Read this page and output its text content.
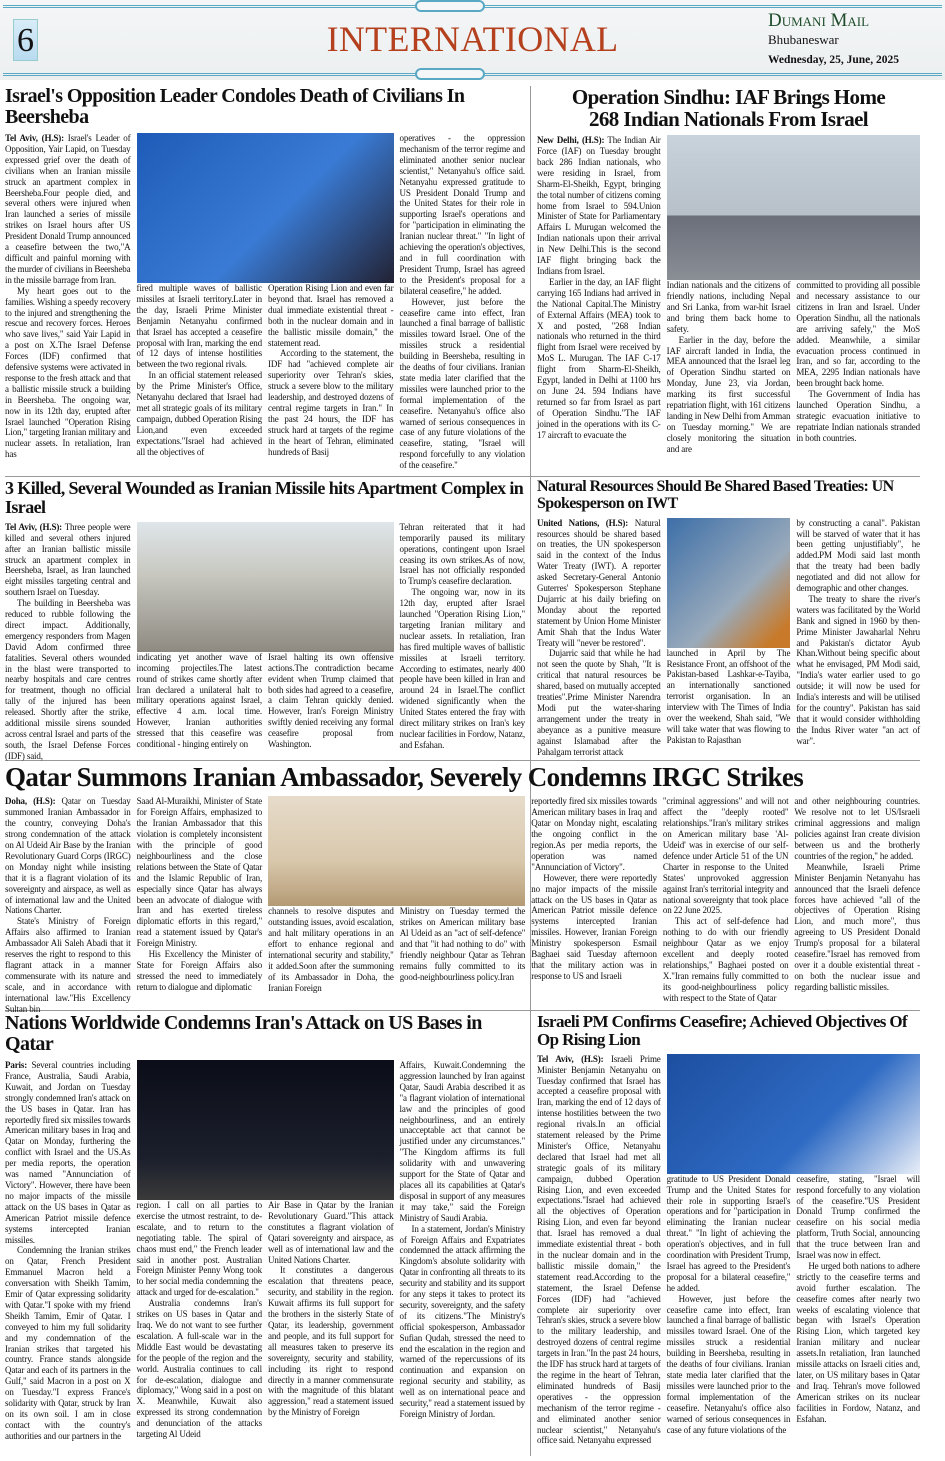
6	INTERNATIONAL	Dumani Mail
Bhubaneswar
Wednesday, 25, June, 2025
Israel's Opposition Leader Condoles Death of Civilians In Beersheba

Tel Aviv, (H.S): Israel's Leader of Opposition, Yair Lapid, on Tuesday expressed grief over the death of civilians when an Iranian missile struck an apartment complex in Beersheba.Four people died, and several others were injured when Iran launched a series of missile strikes on Israel hours after US President Donald Trump announced a ceasefire between the two,"A difficult and painful morning with the murder of civilians in Beersheba in the missile barrage from Iran.

My heart goes out to the families. Wishing a speedy recovery to the injured and strengthening the rescue and recovery forces. Heroes who save lives," said Yair Lapid in a post on X.The Israel Defense Forces (IDF) confirmed that defensive systems were activated in response to the fresh attack and that a ballistic missile struck a building in Beersheba. The ongoing war, now in its 12th day, erupted after Israel launched "Operation Rising Lion," targeting Iranian military and nuclear assets. In retaliation, Iran has

fired multiple waves of ballistic missiles at Israeli territory.Later in the day, Israeli Prime Minister Benjamin Netanyahu confirmed that Israel has accepted a ceasefire proposal with Iran, marking the end of 12 days of intense hostilities between the two regional rivals.

In an official statement released by the Prime Minister's Office, Netanyahu declared that Israel had met all strategic goals of its military campaign, dubbed Operation Rising Lion,and even exceeded expectations."Israel had achieved all the objectives of

Operation Rising Lion and even far beyond that. Israel has removed a dual immediate existential threat - both in the nuclear domain and in the ballistic missile domain," the statement read.

According to the statement, the IDF had "achieved complete air superiority over Tehran's skies, struck a severe blow to the military leadership, and destroyed dozens of central regime targets in Iran." In the past 24 hours, the IDF has struck hard at targets of the regime in the heart of Tehran, eliminated hundreds of Basij

operatives - the oppression mechanism of the terror regime and eliminated another senior nuclear scientist," Netanyahu's office said. Netanyahu expressed gratitude to US President Donald Trump and the United States for their role in supporting Israel's operations and for "participation in eliminating the Iranian nuclear threat." "In light of achieving the operation's objectives, and in full coordination with President Trump, Israel has agreed to the President's proposal for a bilateral ceasefire," he added.

However, just before the ceasefire came into effect, Iran launched a final barrage of ballistic missiles toward Israel. One of the missiles struck a residential building in Beersheba, resulting in the deaths of four civilians. Iranian state media later clarified that the missiles were launched prior to the formal implementation of the ceasefire. Netanyahu's office also warned of serious consequences in case of any future violations of the ceasefire, stating, "Israel will respond forcefully to any violation of the ceasefire."

Operation Sindhu: IAF Brings Home
268 Indian Nationals From Israel

New Delhi, (H.S): The Indian Air Force (IAF) on Tuesday brought back 286 Indian nationals, who were residing in Israel, from Sharm-El-Sheikh, Egypt, bringing the total number of citizens coming home from Israel to 594.Union Minister of State for Parliamentary Affairs L Murugan welcomed the Indian nationals upon their arrival in New Delhi.This is the second IAF flight bringing back the Indians from Israel.

Earlier in the day, an IAF flight carrying 165 Indians had arrived in the National Capital.The Ministry of External Affairs (MEA) took to X and posted, "268 Indian nationals who returned in the third flight from Israel were received by MoS L. Murugan. The IAF C-17 flight from Sharm-El-Sheikh, Egypt, landed in Delhi at 1100 hrs on June 24. 594 Indians have returned so far from Israel as part of Operation Sindhu."The IAF joined in the operations with its C-17 aircraft to evacuate the

Indian nationals and the citizens of friendly nations, including Nepal and Sri Lanka, from war-hit Israel and bring them back home to safety.

Earlier in the day, before the IAF aircraft landed in India, the MEA announced that the Israel leg of Operation Sindhu started on Monday, June 23, via Jordan, marking its first successful repatriation flight, with 161 citizens landing in New Delhi from Amman on Tuesday morning." We are closely monitoring the situation and are

committed to providing all possible and necessary assistance to our citizens in Iran and Israel. Under Operation Sindhu, all the nationals are arriving safely," the MoS added. Meanwhile, a similar evacuation process continued in Iran, and so far, according to the MEA, 2295 Indian nationals have been brought back home.

The Government of India has launched Operation Sindhu, a strategic evacuation initiative to repatriate Indian nationals stranded in both countries.

3 Killed, Several Wounded as Iranian Missile hits Apartment Complex in Israel

Tel Aviv, (H.S): Three people were killed and several others injured after an Iranian ballistic missile struck an apartment complex in Beersheba, Israel, as Iran launched eight missiles targeting central and southern Israel on Tuesday.

The building in Beersheba was reduced to rubble following the direct impact. Additionally, emergency responders from Magen David Adom confirmed three fatalities. Several others wounded in the blast were transported to nearby hospitals and care centres for treatment, though no official tally of the injured has been released. Shortly after the strike, additional missile sirens sounded across central Israel and parts of the south, the Israel Defense Forces (IDF) said,

indicating yet another wave of incoming projectiles.The latest round of strikes came shortly after Iran declared a unilateral halt to military operations against Israel, effective 4 a.m. local time. However, Iranian authorities stressed that this ceasefire was conditional - hinging entirely on

Israel halting its own offensive actions.The contradiction became evident when Trump claimed that both sides had agreed to a ceasefire, a claim Tehran quickly denied. However, Iran's Foreign Ministry swiftly denied receiving any formal ceasefire proposal from Washington.

Tehran reiterated that it had temporarily paused its military operations, contingent upon Israel ceasing its own strikes.As of now, Israel has not officially responded to Trump's ceasefire declaration.

The ongoing war, now in its 12th day, erupted after Israel launched "Operation Rising Lion," targeting Iranian military and nuclear assets. In retaliation, Iran has fired multiple waves of ballistic missiles at Israeli territory. According to estimates, nearly 400 people have been killed in Iran and around 24 in Israel.The conflict widened significantly when the United States entered the fray with direct military strikes on Iran's key nuclear facilities in Fordow, Natanz, and Esfahan.

Natural Resources Should Be Shared Based Treaties: UN Spokesperson on IWT

United Nations, (H.S): Natural resources should be shared based on treaties, the UN spokesperson said in the context of the Indus Water Treaty (IWT). A reporter asked Secretary-General Antonio Guterres' Spokesperson Stephane Dujarric at his daily briefing on Monday about the reported statement by Union Home Minister Amit Shah that the Indus Water Treaty will "never be restored".

Dujarric said that while he had not seen the quote by Shah, "It is critical that natural resources be shared, based on mutually accepted treaties".Prime Minister Narendra Modi put the water-sharing arrangement under the treaty in abeyance as a punitive measure against Islamabad after the Pahalgam terrorist attack

launched in April by The Resistance Front, an offshoot of the Pakistan-based Lashkar-e-Tayiba, an internationally sanctioned terrorist organisation. In an interview with The Times of India over the weekend, Shah said, "We will take water that was flowing to Pakistan to Rajasthan

by constructing a canal". Pakistan will be starved of water that it has been getting unjustifiably", he added.PM Modi said last month that the treaty had been badly negotiated and did not allow for demographic and other changes.

The treaty to share the river's waters was facilitated by the World Bank and signed in 1960 by then-Prime Minister Jawaharlal Nehru and Pakistan's dictator Ayub Khan.Without being specific about what he envisaged, PM Modi said, "India's water earlier used to go outside; it will now be used for India's interests and will be utilised for the country". Pakistan has said that it would consider withholding the Indus River water "an act of war".

Qatar Summons Iranian Ambassador, Severely Condemns IRGC Strikes

Doha, (H.S): Qatar on Tuesday summoned Iranian Ambassador in the country, conveying Doha's strong condemnation of the attack on Al Udeid Air Base by the Iranian Revolutionary Guard Corps (IRGC) on Monday night while insisting that it is a flagrant violation of its sovereignty and airspace, as well as of international law and the United Nations Charter.

State's Ministry of Foreign Affairs also affirmed to Iranian Ambassador Ali Saleh Abadi that it reserves the right to respond to this flagrant attack in a manner commensurate with its nature and scale, and in accordance with international law."His Excellency Sultan bin

Saad Al-Muraikhi, Minister of State for Foreign Affairs, emphasized to the Iranian Ambassador that this violation is completely inconsistent with the principle of good neighbourliness and the close relations between the State of Qatar and the Islamic Republic of Iran, especially since Qatar has always been an advocate of dialogue with Iran and has exerted tireless diplomatic efforts in this regard," read a statement issued by Qatar's Foreign Ministry.

His Excellency the Minister of State for Foreign Affairs also stressed the need to immediately return to dialogue and diplomatic

channels to resolve disputes and outstanding issues, avoid escalation, and halt military operations in an effort to enhance regional and international security and stability," it added.Soon after the summoning of its Ambassador in Doha, the Iranian Foreign

Ministry on Tuesday termed the strikes on American military base Al Udeid as an "act of self-defence" and that "it had nothing to do" with friendly neighbour Qatar as Tehran remains fully committed to its good-neighbourliness policy.Iran

reportedly fired six missiles towards American military bases in Iraq and Qatar on Monday night, escalating the ongoing conflict in the region.As per media reports, the operation was named "Annunciation of Victory".

However, there were reportedly no major impacts of the missile attack on the US bases in Qatar as American Patriot missile defence systems intercepted Iranian missiles. However, Iranian Foreign Ministry spokesperson Esmail Baghaei said Tuesday afternoon that the military action was in response to US and Israeli

"criminal aggressions" and will not affect the "deeply rooted" relationships."Iran's military strikes on American military base 'Al-Udeid' was in exercise of our self-defence under Article 51 of the UN Charter in response to the United States' unprovoked aggression against Iran's territorial integrity and national sovereignty that took place on 22 June 2025.

This act of self-defence had nothing to do with our friendly neighbour Qatar as we enjoy excellent and deeply rooted relationships," Baghaei posted on X."Iran remains fully committed to its good-neighbourliness policy with respect to the State of Qatar

and other neighbouring countries. We resolve not to let US/Israeli criminal aggressions and malign policies against Iran create division between us and the brotherly countries of the region," he added.

Meanwhile, Israeli Prime Minister Benjamin Netanyahu has announced that the Israeli defence forces have achieved "all of the objectives of Operation Rising Lion, and much more", thus agreeing to US President Donald Trump's proposal for a bilateral ceasefire."Israel has removed from over it a double existential threat - on both the nuclear issue and regarding ballistic missiles.

Nations Worldwide Condemns Iran's Attack on US Bases in Qatar

Paris: Several countries including France, Australia, Saudi Arabia, Kuwait, and Jordan on Tuesday strongly condemned Iran's attack on the US bases in Qatar. Iran has reportedly fired six missiles towards American military bases in Iraq and Qatar on Monday, furthering the conflict with Israel and the US.As per media reports, the operation was named "Annunciation of Victory". However, there have been no major impacts of the missile attack on the US bases in Qatar as American Patriot missile defence systems intercepted Iranian missiles.

Condemning the Iranian strikes on Qatar, French President Emmanuel Macron held a conversation with Sheikh Tamim, Emir of Qatar expressing solidarity with Qatar."I spoke with my friend Sheikh Tamim, Emir of Qatar. I conveyed to him my full solidarity and my condemnation of the Iranian strikes that targeted his country. France stands alongside Qatar and each of its partners in the Gulf," said Macron in a post on X on Tuesday."I express France's solidarity with Qatar, struck by Iran on its own soil. I am in close contact with the country's authorities and our partners in the

region. I call on all parties to exercise the utmost restraint, to de-escalate, and to return to the negotiating table. The spiral of chaos must end," the French leader said in another post. Australian Foreign Minister Penny Wong took to her social media condemning the attack and urged for de-escalation."

Australia condemns Iran's strikes on US bases in Qatar and Iraq. We do not want to see further escalation. A full-scale war in the Middle East would be devastating for the people of the region and the world. Australia continues to call for de-escalation, dialogue and diplomacy," Wong said in a post on X. Meanwhile, Kuwait also expressed its strong condemnation and denunciation of the attacks targeting Al Udeid

Air Base in Qatar by the Iranian Revolutionary Guard."This attack constitutes a flagrant violation of Qatari sovereignty and airspace, as well as of international law and the United Nations Charter.

It constitutes a dangerous escalation that threatens peace, security, and stability in the region. Kuwait affirms its full support for the brothers in the sisterly State of Qatar, its leadership, government and people, and its full support for all measures taken to preserve its sovereignty, security and stability, including its right to respond directly in a manner commensurate with the magnitude of this blatant aggression," read a statement issued by the Ministry of Foreign

Affairs, Kuwait.Condemning the aggression launched by Iran against Qatar, Saudi Arabia described it as "a flagrant violation of international law and the principles of good neighbourliness, and an entirely unacceptable act that cannot be justified under any circumstances." "The Kingdom affirms its full solidarity with and unwavering support for the State of Qatar and places all its capabilities at Qatar's disposal in support of any measures it may take," said the Foreign Ministry of Saudi Arabia.

In a statement, Jordan's Ministry of Foreign Affairs and Expatriates condemned the attack affirming the Kingdom's absolute solidarity with Qatar in confronting all threats to its security and stability and its support for any steps it takes to protect its security, sovereignty, and the safety of its citizens."The Ministry's official spokesperson, Ambassador Sufian Qudah, stressed the need to end the escalation in the region and warned of the repercussions of its continuation and expansion on regional security and stability, as well as on international peace and security," read a statement issued by Foreign Ministry of Jordan.

Israeli PM Confirms Ceasefire; Achieved Objectives Of Op Rising Lion

Tel Aviv, (H.S): Israeli Prime Minister Benjamin Netanyahu on Tuesday confirmed that Israel has accepted a ceasefire proposal with Iran, marking the end of 12 days of intense hostilities between the two regional rivals.In an official statement released by the Prime Minister's Office, Netanyahu declared that Israel had met all strategic goals of its military campaign, dubbed Operation Rising Lion, and even exceeded expectations."Israel had achieved all the objectives of Operation Rising Lion, and even far beyond that. Israel has removed a dual immediate existential threat - both in the nuclear domain and in the ballistic missile domain," the statement read.According to the statement, the Israel Defense Forces (IDF) had "achieved complete air superiority over Tehran's skies, struck a severe blow to the military leadership, and destroyed dozens of central regime targets in Iran."In the past 24 hours, the IDF has struck hard at targets of the regime in the heart of Tehran, eliminated hundreds of Basij operatives - the oppression mechanism of the terror regime - and eliminated another senior nuclear scientist," Netanyahu's office said. Netanyahu expressed

gratitude to US President Donald Trump and the United States for their role in supporting Israel's operations and for "participation in eliminating the Iranian nuclear threat." "In light of achieving the operation's objectives, and in full coordination with President Trump, Israel has agreed to the President's proposal for a bilateral ceasefire," he added.

However, just before the ceasefire came into effect, Iran launched a final barrage of ballistic missiles toward Israel. One of the missiles struck a residential building in Beersheba, resulting in the deaths of four civilians. Iranian state media later clarified that the missiles were launched prior to the formal implementation of the ceasefire. Netanyahu's office also warned of serious consequences in case of any future violations of the

ceasefire, stating, "Israel will respond forcefully to any violation of the ceasefire."US President Donald Trump confirmed the ceasefire on his social media platform, Truth Social, announcing that the truce between Iran and Israel was now in effect.

He urged both nations to adhere strictly to the ceasefire terms and avoid further escalation. The ceasefire comes after nearly two weeks of escalating violence that began with Israel's Operation Rising Lion, which targeted key Iranian military and nuclear assets.In retaliation, Iran launched missile attacks on Israeli cities and, later, on US military bases in Qatar and Iraq. Tehran's move followed American strikes on its nuclear facilities in Fordow, Natanz, and Esfahan.
